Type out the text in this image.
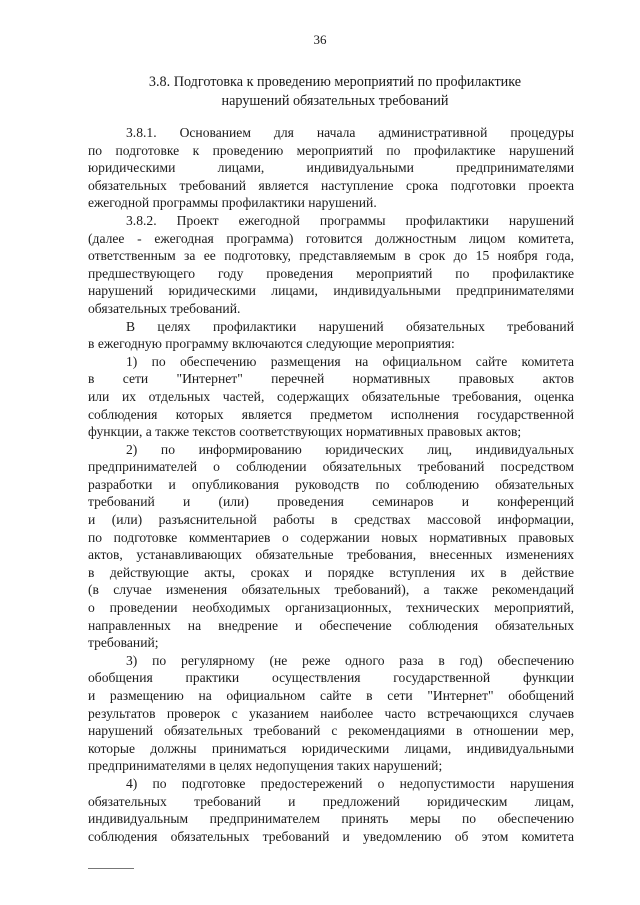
36
3.8. Подготовка к проведению мероприятий по профилактике
нарушений обязательных требований
3.8.1. Основанием для начала административной процедуры
по подготовке к проведению мероприятий по профилактике нарушений
юридическими лицами, индивидуальными предпринимателями
обязательных требований является наступление срока подготовки проекта
ежегодной программы профилактики нарушений.
3.8.2. Проект ежегодной программы профилактики нарушений
(далее - ежегодная программа) готовится должностным лицом комитета,
ответственным за ее подготовку, представляемым в срок до 15 ноября года,
предшествующего году проведения мероприятий по профилактике
нарушений юридическими лицами, индивидуальными предпринимателями
обязательных требований.
В целях профилактики нарушений обязательных требований
в ежегодную программу включаются следующие мероприятия:
1) по обеспечению размещения на официальном сайте комитета
в сети "Интернет" перечней нормативных правовых актов
или их отдельных частей, содержащих обязательные требования, оценка
соблюдения которых является предметом исполнения государственной
функции, а также текстов соответствующих нормативных правовых актов;
2) по информированию юридических лиц, индивидуальных
предпринимателей о соблюдении обязательных требований посредством
разработки и опубликования руководств по соблюдению обязательных
требований и (или) проведения семинаров и конференций
и (или) разъяснительной работы в средствах массовой информации,
по подготовке комментариев о содержании новых нормативных правовых
актов, устанавливающих обязательные требования, внесенных изменениях
в действующие акты, сроках и порядке вступления их в действие
(в случае изменения обязательных требований), а также рекомендаций
о проведении необходимых организационных, технических мероприятий,
направленных на внедрение и обеспечение соблюдения обязательных
требований;
3) по регулярному (не реже одного раза в год) обеспечению
обобщения практики осуществления государственной функции
и размещению на официальном сайте в сети "Интернет" обобщений
результатов проверок с указанием наиболее часто встречающихся случаев
нарушений обязательных требований с рекомендациями в отношении мер,
которые должны приниматься юридическими лицами, индивидуальными
предпринимателями в целях недопущения таких нарушений;
4) по подготовке предостережений о недопустимости нарушения
обязательных требований и предложений юридическим лицам,
индивидуальным предпринимателем принять меры по обеспечению
соблюдения обязательных требований и уведомлению об этом комитета
